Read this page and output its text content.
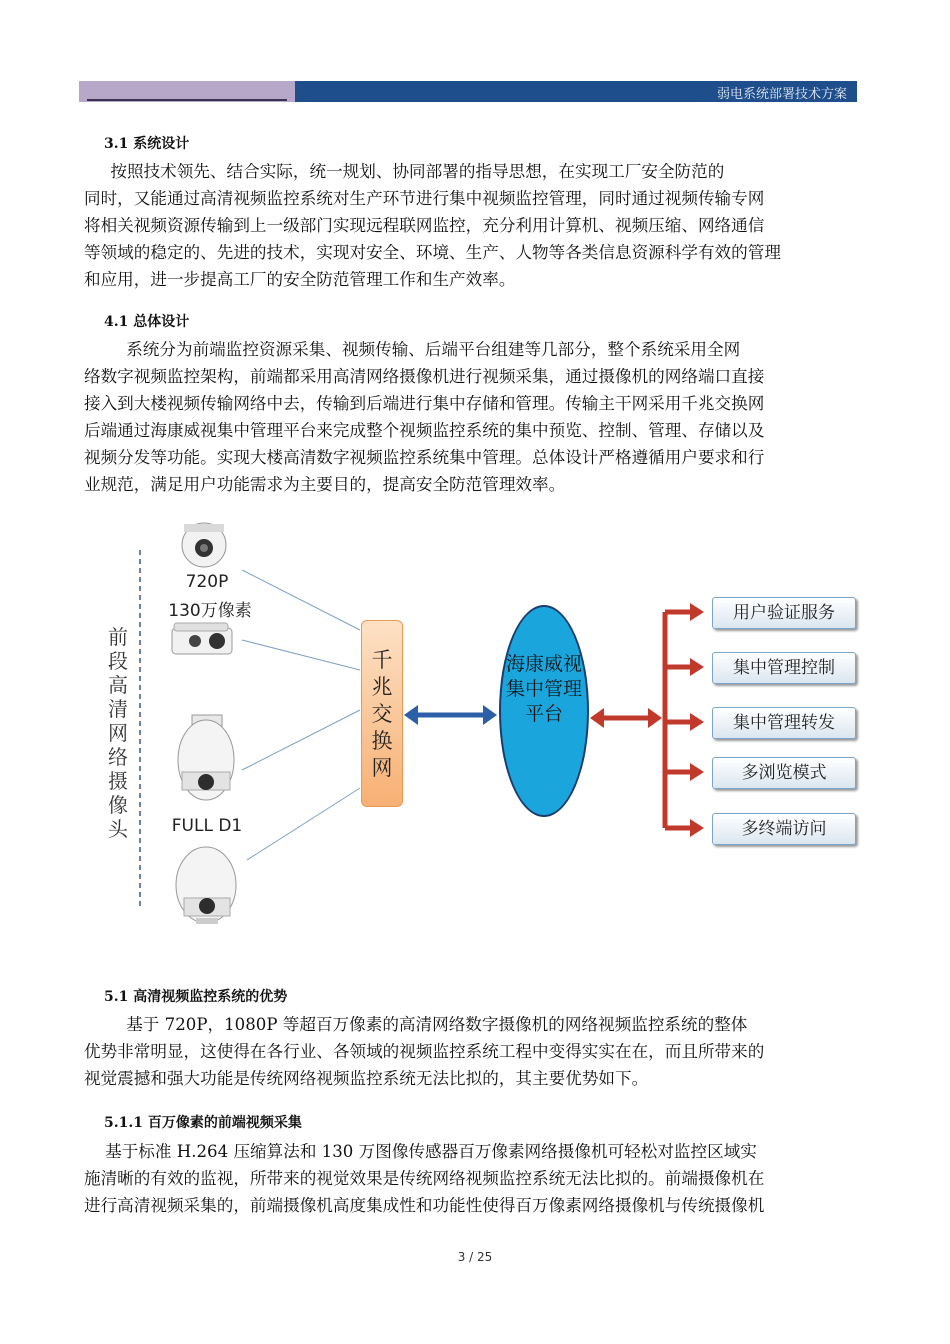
弱电系统部署技术方案
3.1 系统设计

按照技术领先、结合实际，统一规划、协同部署的指导思想，在实现工厂安全防范的
同时，又能通过高清视频监控系统对生产环节进行集中视频监控管理，同时通过视频传输专网
将相关视频资源传输到上一级部门实现远程联网监控，充分利用计算机、视频压缩、网络通信
等领域的稳定的、先进的技术，实现对安全、环境、生产、人物等各类信息资源科学有效的管理
和应用，进一步提高工厂的安全防范管理工作和生产效率。

4.1 总体设计

系统分为前端监控资源采集、视频传输、后端平台组建等几部分，整个系统采用全网
络数字视频监控架构，前端都采用高清网络摄像机进行视频采集，通过摄像机的网络端口直接
接入到大楼视频传输网络中去，传输到后端进行集中存储和管理。传输主干网采用千兆交换网
后端通过海康威视集中管理平台来完成整个视频监控系统的集中预览、控制、管理、存储以及
视频分发等功能。实现大楼高清数字视频监控系统集中管理。总体设计严格遵循用户要求和行
业规范，满足用户功能需求为主要目的，提高安全防范管理效率。

前段高清网络摄像头
720P
130万像素
FULL D1
千兆交换网
海康威视集中管理平台
用户验证服务
集中管理控制
集中管理转发
多浏览模式
多终端访问
5.1 高清视频监控系统的优势

基于 720P，1080P 等超百万像素的高清网络数字摄像机的网络视频监控系统的整体
优势非常明显，这使得在各行业、各领域的视频监控系统工程中变得实实在在，而且所带来的
视觉震撼和强大功能是传统网络视频监控系统无法比拟的，其主要优势如下。

5.1.1 百万像素的前端视频采集

基于标准 H.264 压缩算法和 130 万图像传感器百万像素网络摄像机可轻松对监控区域实
施清晰的有效的监视，所带来的视觉效果是传统网络视频监控系统无法比拟的。前端摄像机在
进行高清视频采集的，前端摄像机高度集成性和功能性使得百万像素网络摄像机与传统摄像机

3 / 25
